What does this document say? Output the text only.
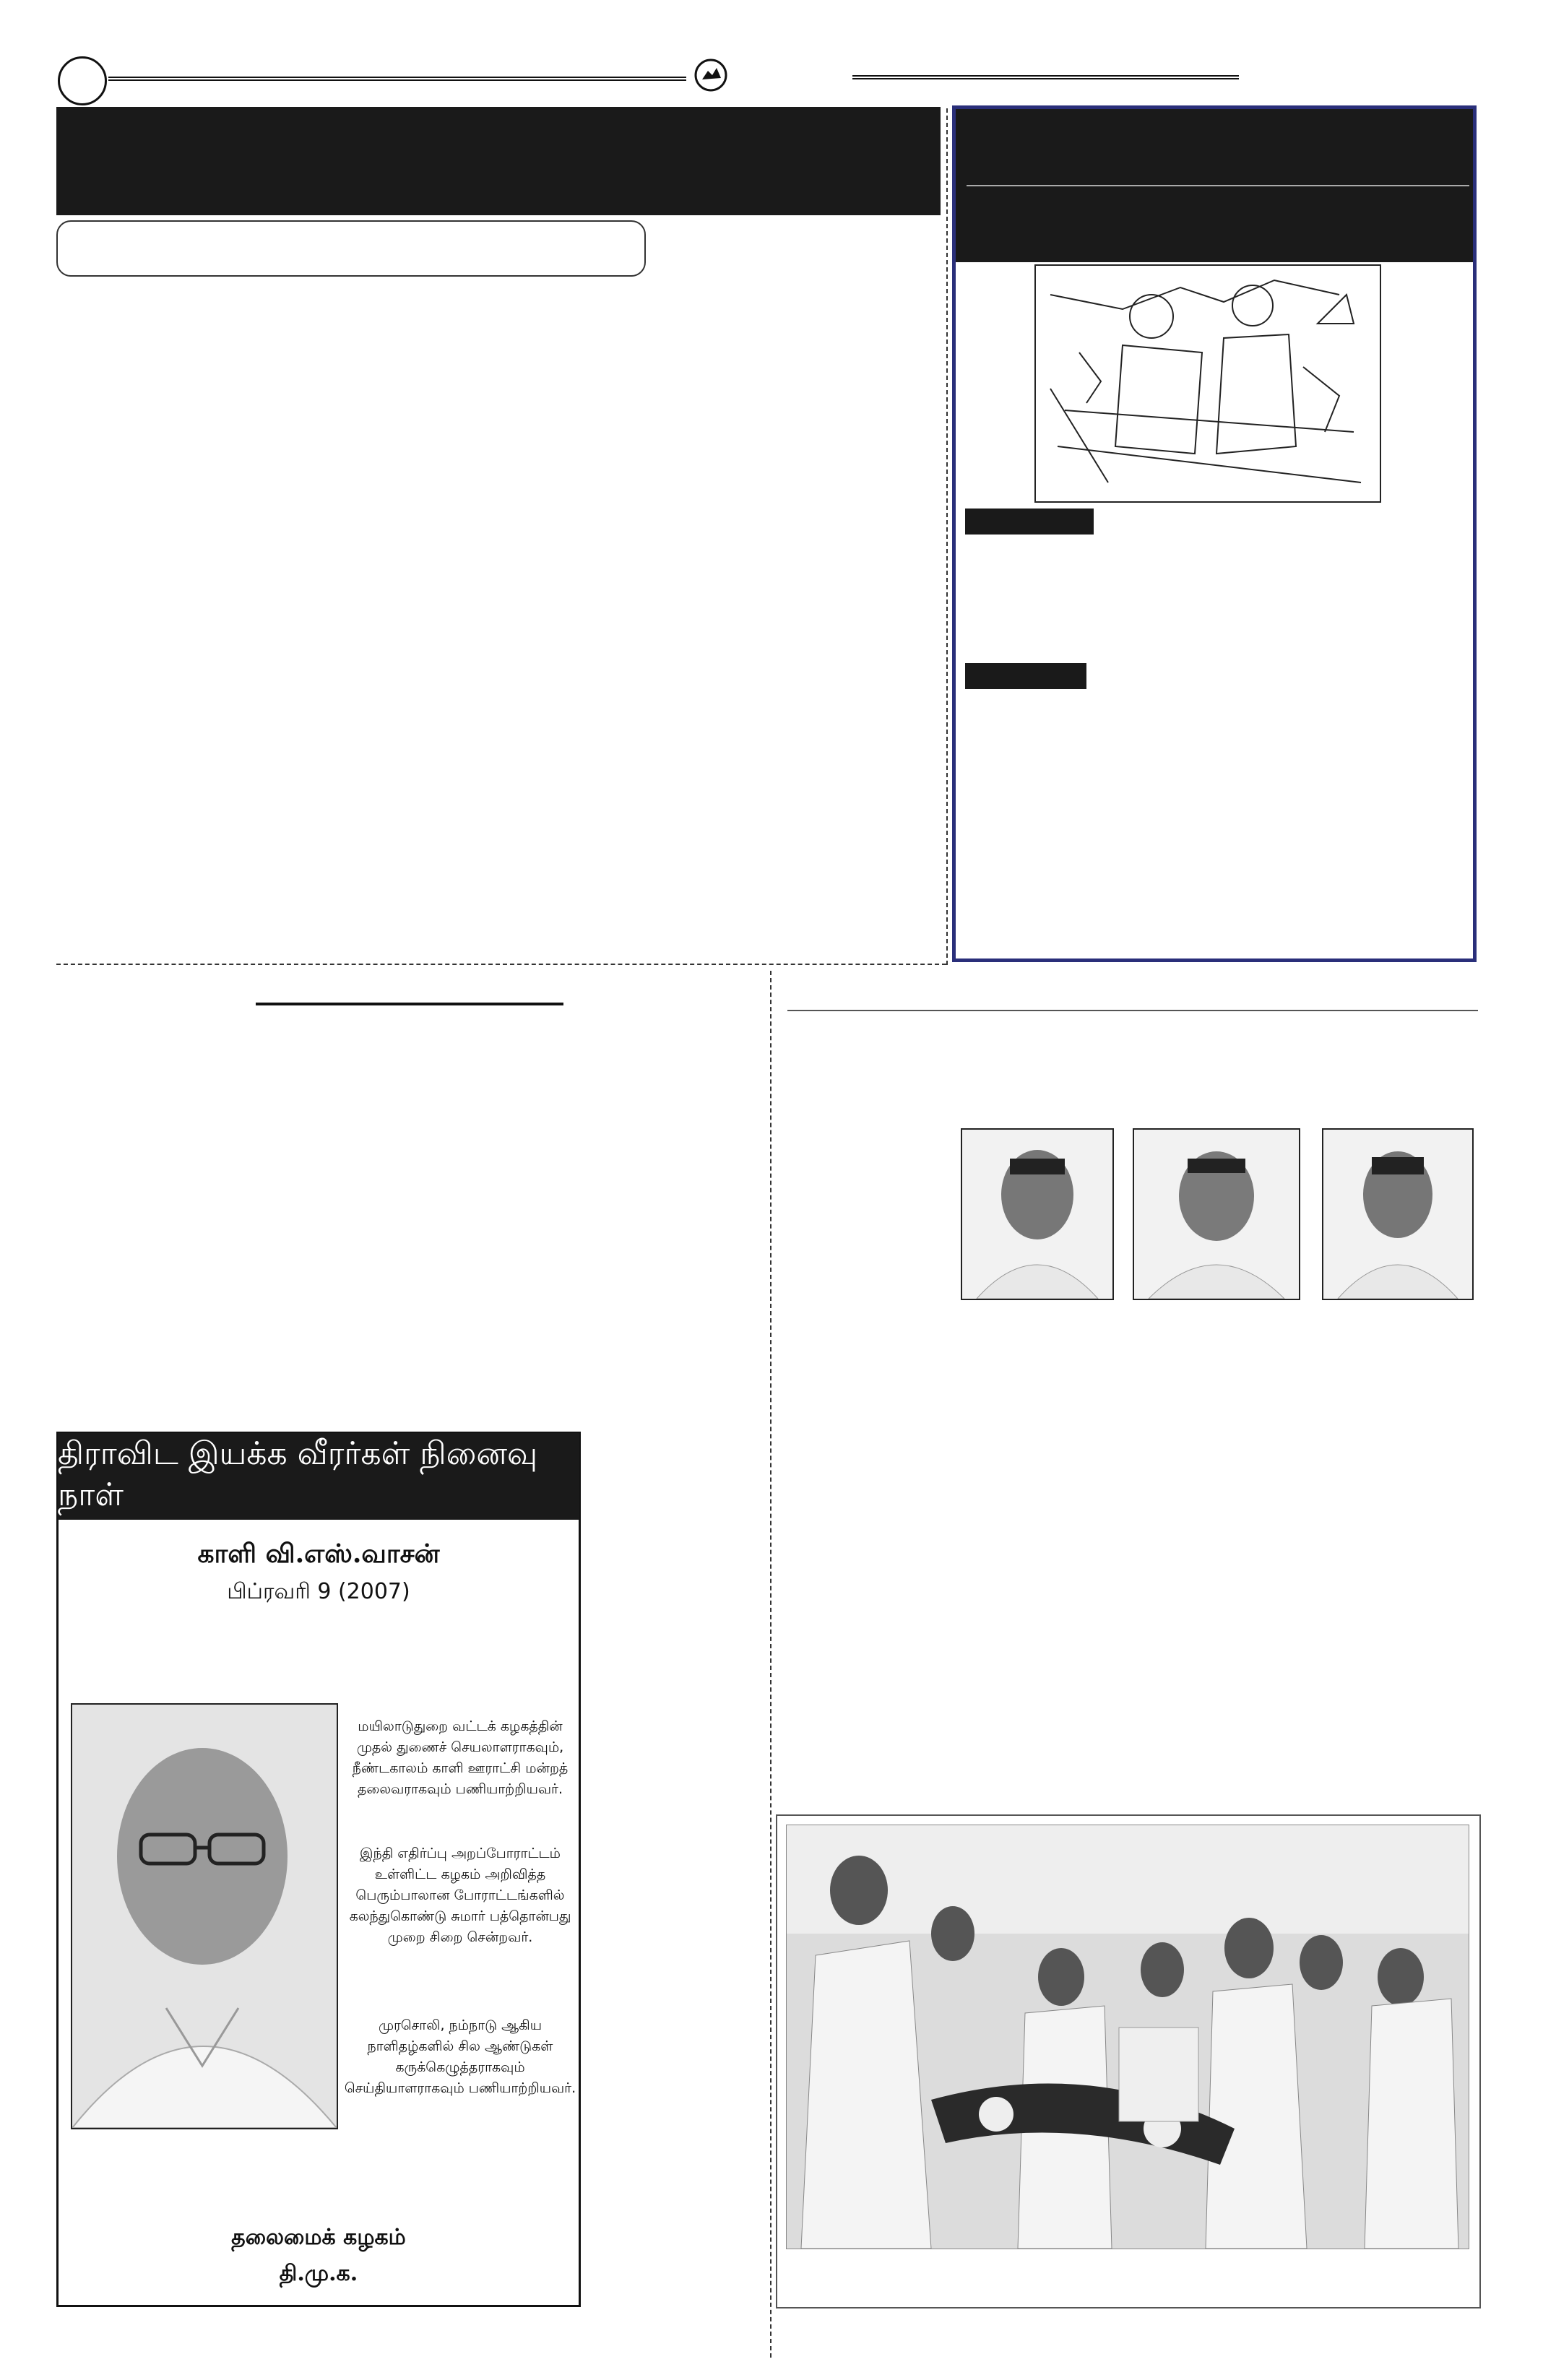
திராவிட இயக்க வீரர்கள் நினைவு நாள்
காளி வி.எஸ்.வாசன்
பிப்ரவரி 9 (2007)
மயிலாடுதுறை வட்டக் கழகத்தின் முதல் துணைச் செயலாளராகவும், நீண்டகாலம் காளி ஊராட்சி மன்றத் தலைவராகவும் பணியாற்றியவர்.
இந்தி எதிர்ப்பு அறப்போராட்டம் உள்ளிட்ட கழகம் அறிவித்த பெரும்பாலான போராட்டங்களில் கலந்துகொண்டு சுமார் பத்தொன்பது முறை சிறை சென்றவர்.
முரசொலி, நம்நாடு ஆகிய நாளிதழ்களில் சில ஆண்டுகள் கருக்கெழுத்தராகவும் செய்தியாளராகவும் பணியாற்றியவர்.
தலைமைக் கழகம்
தி.மு.க.
